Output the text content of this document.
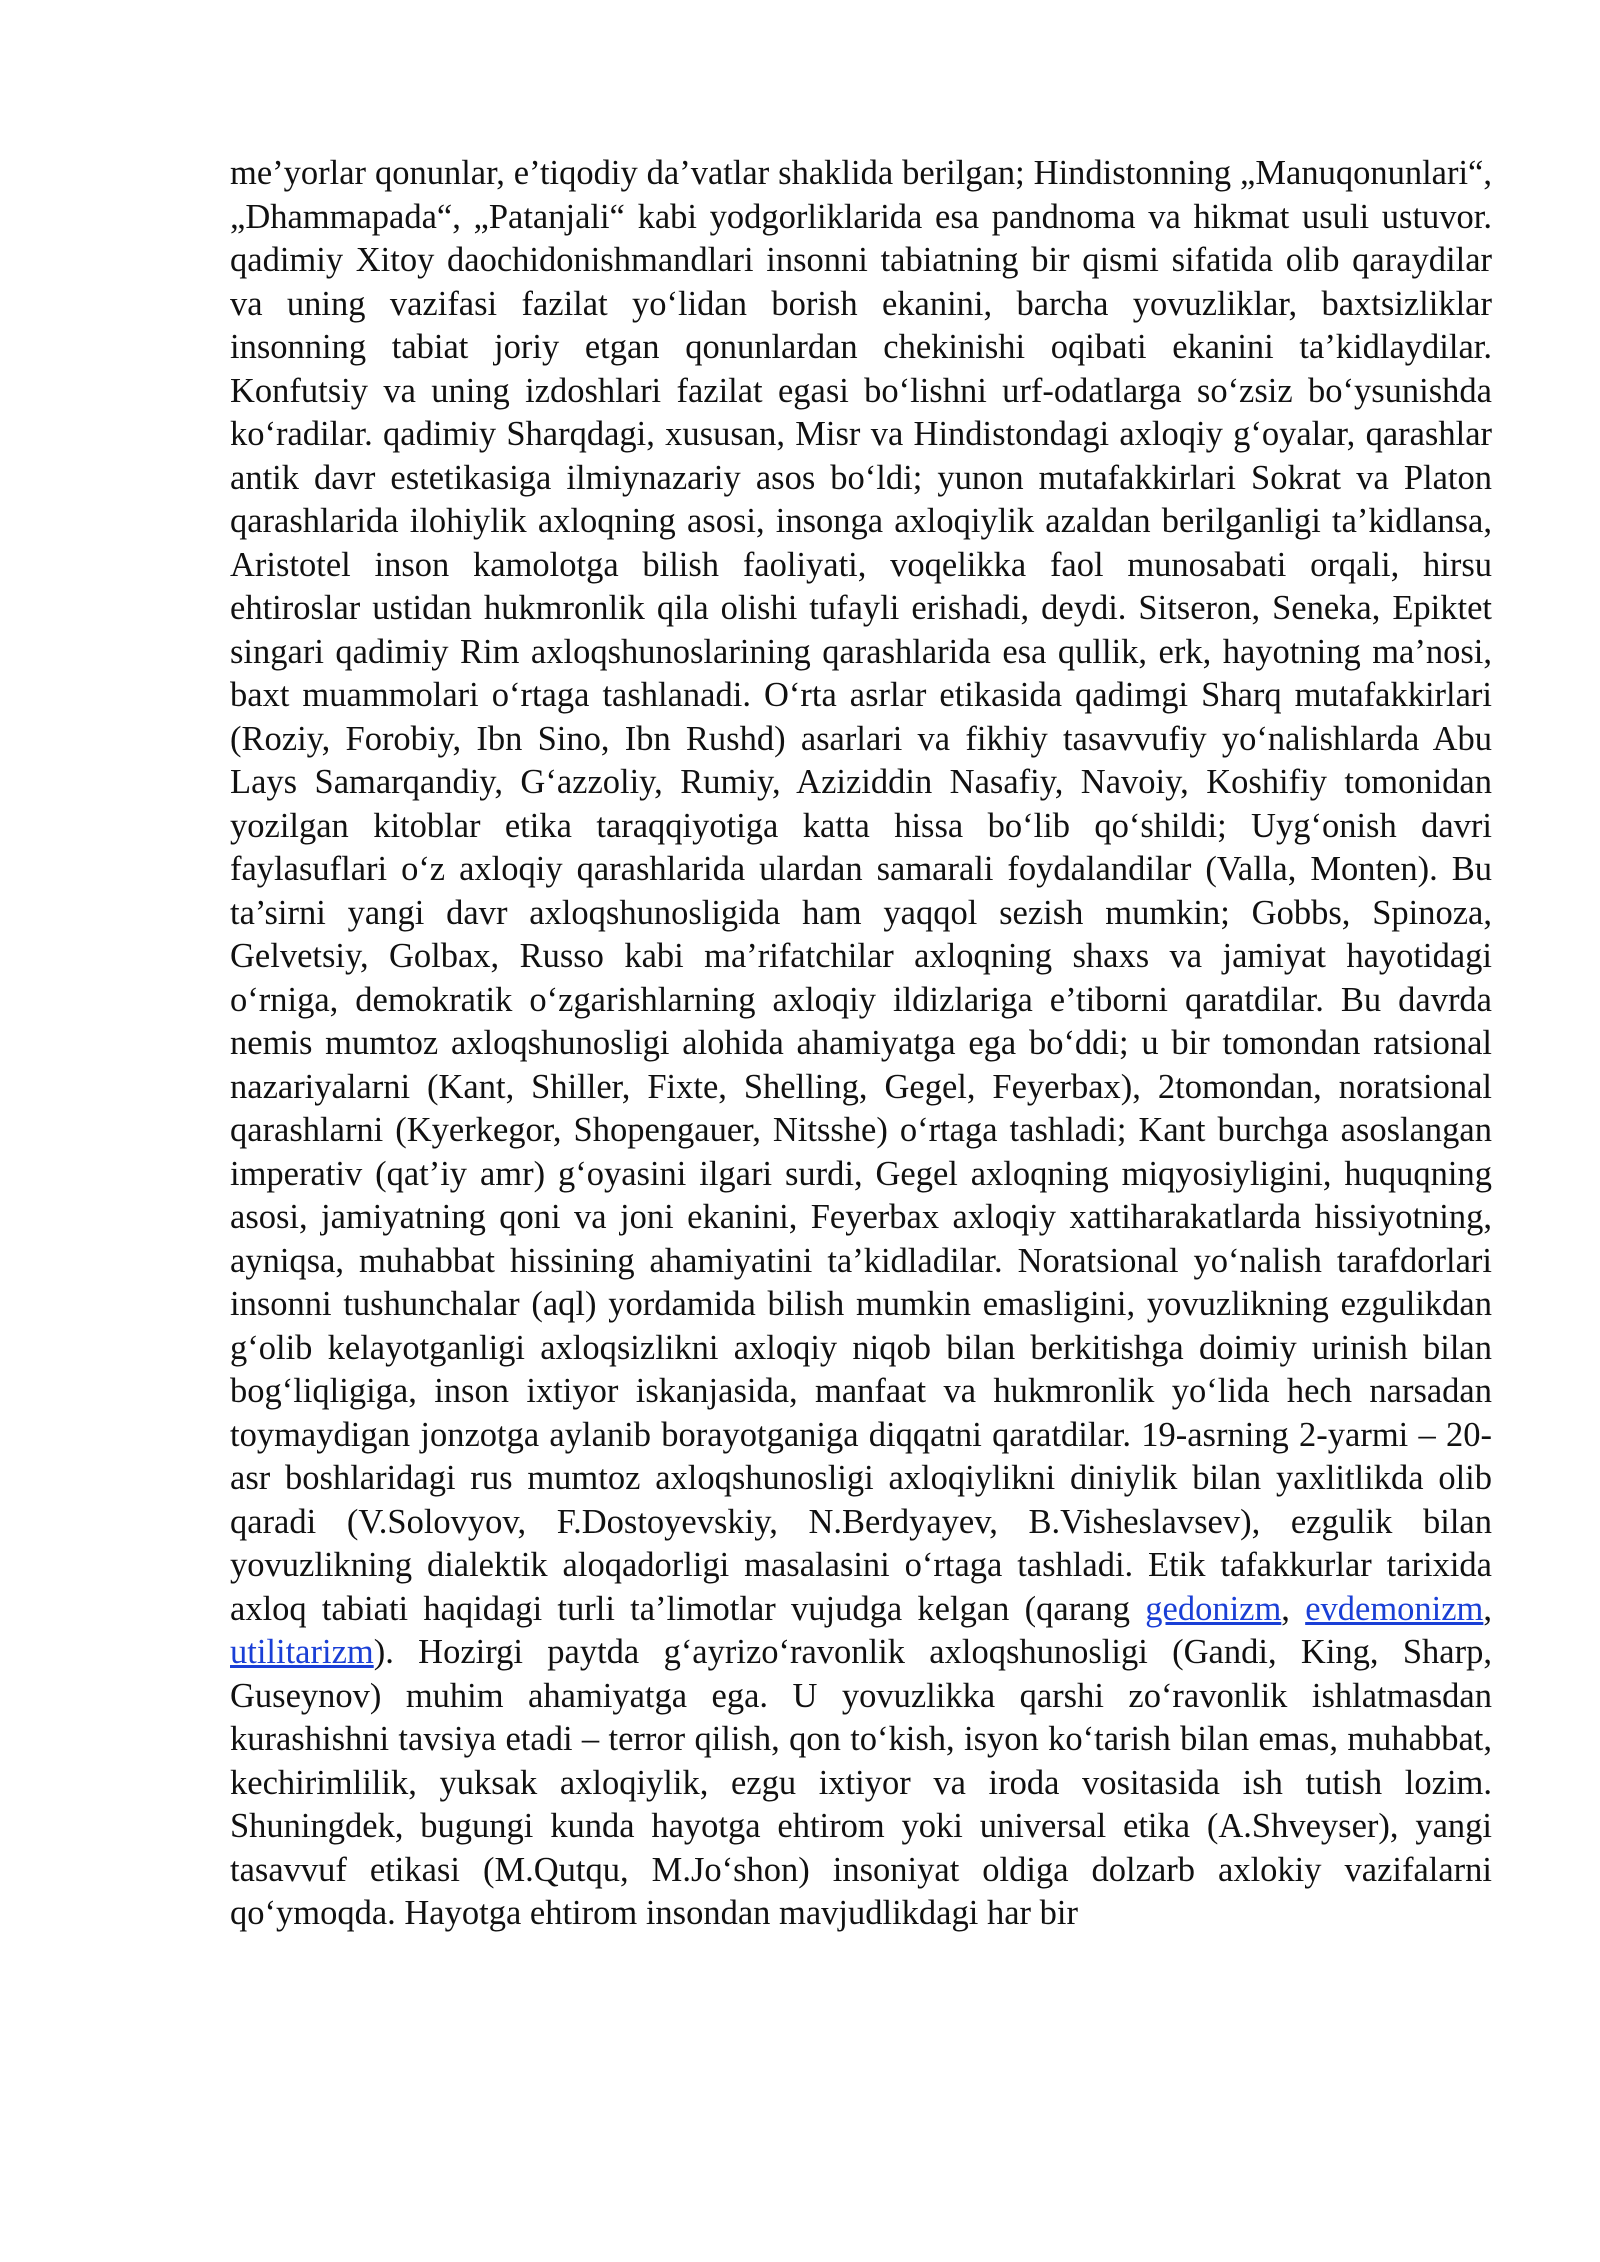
me’yorlar qonunlar, e’tiqodiy da’vatlar shaklida berilgan; Hindistonning „Manuqonunlari“, „Dhammapada“, „Patanjali“ kabi yodgorliklarida esa pandnoma va hikmat usuli ustuvor. qadimiy Xitoy daochidonishmandlari insonni tabiatning bir qismi sifatida olib qaraydilar va uning vazifasi fazilat yo‘lidan borish ekanini, barcha yovuzliklar, baxtsizliklar insonning tabiat joriy etgan qonunlardan chekinishi oqibati ekanini ta’kidlaydilar. Konfutsiy va uning izdoshlari fazilat egasi bo‘lishni urf-odatlarga so‘zsiz bo‘ysunishda ko‘radilar. qadimiy Sharqdagi, xususan, Misr va Hindistondagi axloqiy g‘oyalar, qarashlar antik davr estetikasiga ilmiynazariy asos bo‘ldi; yunon mutafakkirlari Sokrat va Platon qarashlarida ilohiylik axloqning asosi, insonga axloqiylik azaldan berilganligi ta’kidlansa, Aristotel inson kamolotga bilish faoliyati, voqelikka faol munosabati orqali, hirsu ehtiroslar ustidan hukmronlik qila olishi tufayli erishadi, deydi. Sitseron, Seneka, Epiktet singari qadimiy Rim axloqshunoslarining qarashlarida esa qullik, erk, hayotning ma’nosi, baxt muammolari o‘rtaga tashlanadi. O‘rta asrlar etikasida qadimgi Sharq mutafakkirlari (Roziy, Forobiy, Ibn Sino, Ibn Rushd) asarlari va fikhiy tasavvufiy yo‘nalishlarda Abu Lays Samarqandiy, G‘azzoliy, Rumiy, Aziziddin Nasafiy, Navoiy, Koshifiy tomonidan yozilgan kitoblar etika taraqqiyotiga katta hissa bo‘lib qo‘shildi; Uyg‘onish davri faylasuflari o‘z axloqiy qarashlarida ulardan samarali foydalandilar (Valla, Monten). Bu ta’sirni yangi davr axloqshunosligida ham yaqqol sezish mumkin; Gobbs, Spinoza, Gelvetsiy, Golbax, Russo kabi ma’rifatchilar axloqning shaxs va jamiyat hayotidagi o‘rniga, demokratik o‘zgarishlarning axloqiy ildizlariga e’tiborni qaratdilar. Bu davrda nemis mumtoz axloqshunosligi alohida ahamiyatga ega bo‘ddi; u bir tomondan ratsional nazariyalarni (Kant, Shiller, Fixte, Shelling, Gegel, Feyerbax), 2tomondan, noratsional qarashlarni (Kyerkegor, Shopengauer, Nitsshe) o‘rtaga tashladi; Kant burchga asoslangan imperativ (qat’iy amr) g‘oyasini ilgari surdi, Gegel axloqning miqyosiyligini, huquqning asosi, jamiyatning qoni va joni ekanini, Feyerbax axloqiy xattiharakatlarda hissiyotning, ayniqsa, muhabbat hissining ahamiyatini ta’kidladilar. Noratsional yo‘nalish tarafdorlari insonni tushunchalar (aql) yordamida bilish mumkin emasligini, yovuzlikning ezgulikdan g‘olib kelayotganligi axloqsizlikni axloqiy niqob bilan berkitishga doimiy urinish bilan bog‘liqligiga, inson ixtiyor iskanjasida, manfaat va hukmronlik yo‘lida hech narsadan toymaydigan jonzotga aylanib borayotganiga diqqatni qaratdilar. 19-asrning 2-yarmi – 20-asr boshlaridagi rus mumtoz axloqshunosligi axloqiylikni diniylik bilan yaxlitlikda olib qaradi (V.Solovyov, F.Dostoyevskiy, N.Berdyayev, B.Visheslavsev), ezgulik bilan yovuzlikning dialektik aloqadorligi masalasini o‘rtaga tashladi. Etik tafakkurlar tarixida axloq tabiati haqidagi turli ta’limotlar vujudga kelgan (qarang gedonizm, evdemonizm, utilitarizm). Hozirgi paytda g‘ayrizo‘ravonlik axloqshunosligi (Gandi, King, Sharp, Guseynov) muhim ahamiyatga ega. U yovuzlikka qarshi zo‘ravonlik ishlatmasdan kurashishni tavsiya etadi – terror qilish, qon to‘kish, isyon ko‘tarish bilan emas, muhabbat, kechirimlilik, yuksak axloqiylik, ezgu ixtiyor va iroda vositasida ish tutish lozim. Shuningdek, bugungi kunda hayotga ehtirom yoki universal etika (A.Shveyser), yangi tasavvuf etikasi (M.Qutqu, M.Jo‘shon) insoniyat oldiga dolzarb axlokiy vazifalarni qo‘ymoqda. Hayotga ehtirom insondan mavjudlikdagi har bir
